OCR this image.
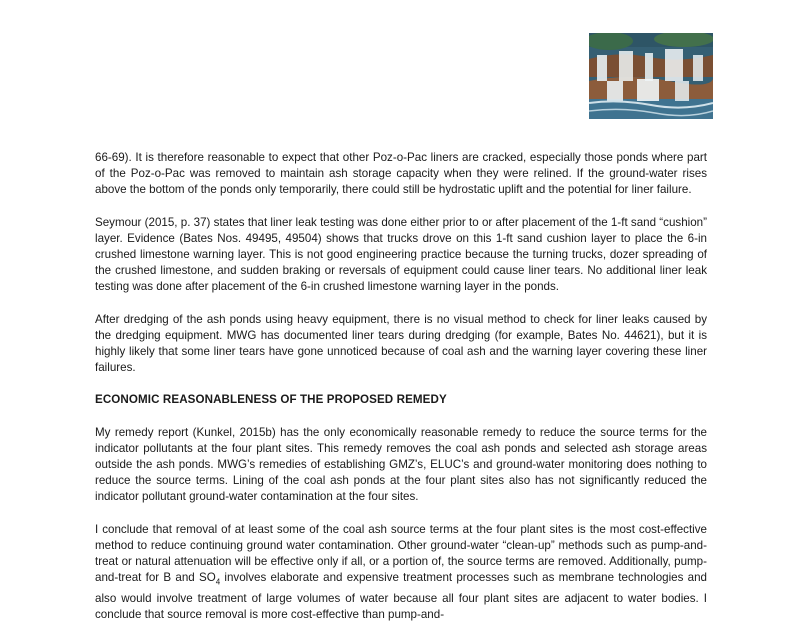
66-69). It is therefore reasonable to expect that other Poz-o-Pac liners are cracked, especially those ponds where part of the Poz-o-Pac was removed to maintain ash storage capacity when they were relined. If the ground-water rises above the bottom of the ponds only temporarily, there could still be hydrostatic uplift and the potential for liner failure.

Seymour (2015, p. 37) states that liner leak testing was done either prior to or after placement of the 1-ft sand “cushion” layer. Evidence (Bates Nos. 49495, 49504) shows that trucks drove on this 1-ft sand cushion layer to place the 6-in crushed limestone warning layer. This is not good engineering practice because the turning trucks, dozer spreading of the crushed limestone, and sudden braking or reversals of equipment could cause liner tears. No additional liner leak testing was done after placement of the 6-in crushed limestone warning layer in the ponds.

After dredging of the ash ponds using heavy equipment, there is no visual method to check for liner leaks caused by the dredging equipment. MWG has documented liner tears during dredging (for example, Bates No. 44621), but it is highly likely that some liner tears have gone unnoticed because of coal ash and the warning layer covering these liner failures.

ECONOMIC REASONABLENESS OF THE PROPOSED REMEDY

My remedy report (Kunkel, 2015b) has the only economically reasonable remedy to reduce the source terms for the indicator pollutants at the four plant sites. This remedy removes the coal ash ponds and selected ash storage areas outside the ash ponds. MWG’s remedies of establishing GMZ’s, ELUC’s and ground-water monitoring does nothing to reduce the source terms. Lining of the coal ash ponds at the four plant sites also has not significantly reduced the indicator pollutant ground-water contamination at the four sites.

I conclude that removal of at least some of the coal ash source terms at the four plant sites is the most cost-effective method to reduce continuing ground water contamination. Other ground-water “clean-up” methods such as pump-and-treat or natural attenuation will be effective only if all, or a portion of, the source terms are removed. Additionally, pump-and-treat for B and $SO_4$ involves elaborate and expensive treatment processes such as membrane technologies and also would involve treatment of large volumes of water because all four plant sites are adjacent to water bodies. I conclude that source removal is more cost-effective than pump-and-
